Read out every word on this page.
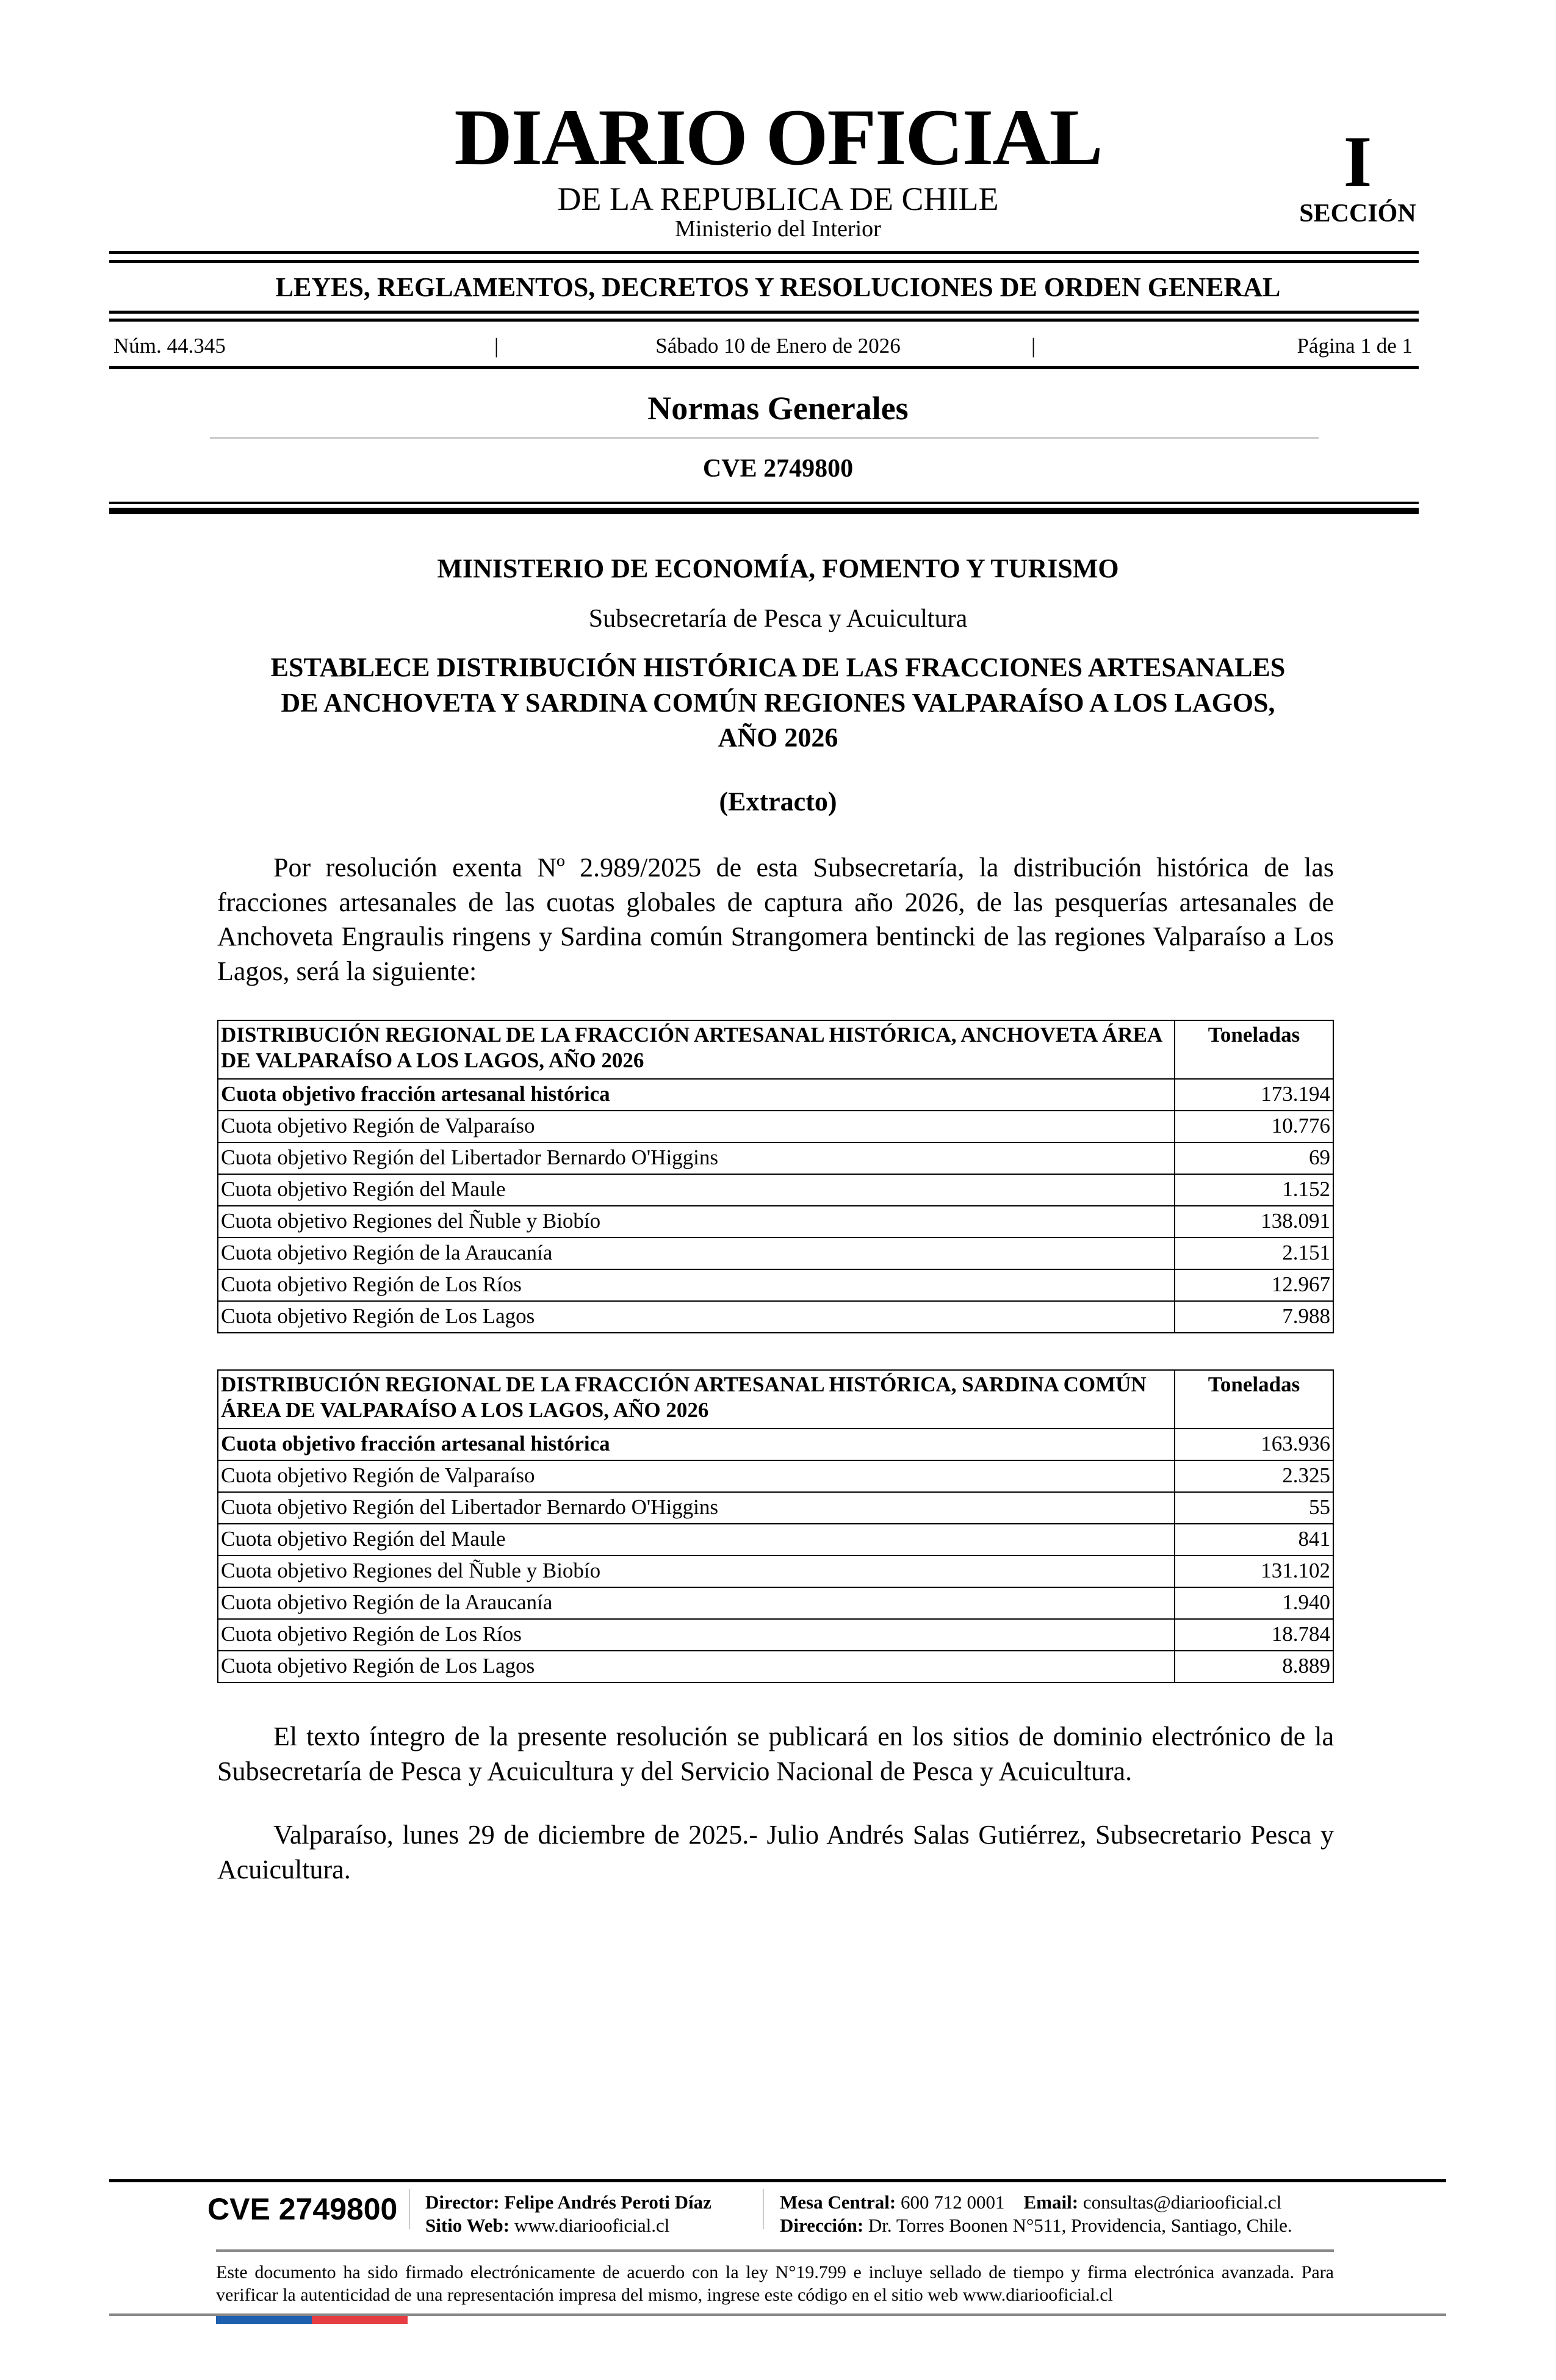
DIARIO OFICIAL
DE LA REPUBLICA DE CHILE
Ministerio del Interior
I
SECCIÓN
LEYES, REGLAMENTOS, DECRETOS Y RESOLUCIONES DE ORDEN GENERAL
Núm. 44.345	|	Sábado 10 de Enero de 2026	|	Página 1 de 1
Normas Generales
CVE 2749800
MINISTERIO DE ECONOMÍA, FOMENTO Y TURISMO
Subsecretaría de Pesca y Acuicultura
ESTABLECE DISTRIBUCIÓN HISTÓRICA DE LAS FRACCIONES ARTESANALES
DE ANCHOVETA Y SARDINA COMÚN REGIONES VALPARAÍSO A LOS LAGOS,
AÑO 2026
(Extracto)
Por resolución exenta Nº 2.989/2025 de esta Subsecretaría, la distribución histórica de las fracciones artesanales de las cuotas globales de captura año 2026, de las pesquerías artesanales de Anchoveta Engraulis ringens y Sardina común Strangomera bentincki de las regiones Valparaíso a Los Lagos, será la siguiente:
DISTRIBUCIÓN REGIONAL DE LA FRACCIÓN ARTESANAL HISTÓRICA, ANCHOVETA ÁREA DE VALPARAÍSO A LOS LAGOS, AÑO 2026	Toneladas
Cuota objetivo fracción artesanal histórica	173.194
Cuota objetivo Región de Valparaíso	10.776
Cuota objetivo Región del Libertador Bernardo O'Higgins	69
Cuota objetivo Región del Maule	1.152
Cuota objetivo Regiones del Ñuble y Biobío	138.091
Cuota objetivo Región de la Araucanía	2.151
Cuota objetivo Región de Los Ríos	12.967
Cuota objetivo Región de Los Lagos	7.988
DISTRIBUCIÓN REGIONAL DE LA FRACCIÓN ARTESANAL HISTÓRICA, SARDINA COMÚN ÁREA DE VALPARAÍSO A LOS LAGOS, AÑO 2026	Toneladas
Cuota objetivo fracción artesanal histórica	163.936
Cuota objetivo Región de Valparaíso	2.325
Cuota objetivo Región del Libertador Bernardo O'Higgins	55
Cuota objetivo Región del Maule	841
Cuota objetivo Regiones del Ñuble y Biobío	131.102
Cuota objetivo Región de la Araucanía	1.940
Cuota objetivo Región de Los Ríos	18.784
Cuota objetivo Región de Los Lagos	8.889
El texto íntegro de la presente resolución se publicará en los sitios de dominio electrónico de la Subsecretaría de Pesca y Acuicultura y del Servicio Nacional de Pesca y Acuicultura.
Valparaíso, lunes 29 de diciembre de 2025.- Julio Andrés Salas Gutiérrez, Subsecretario Pesca y Acuicultura.
CVE 2749800 Director: Felipe Andrés Peroti Díaz
Sitio Web: www.diariooficial.cl
Mesa Central: 600 712 0001 Email: consultas@diariooficial.cl
Dirección: Dr. Torres Boonen N°511, Providencia, Santiago, Chile.
Este documento ha sido firmado electrónicamente de acuerdo con la ley N°19.799 e incluye sellado de tiempo y firma electrónica avanzada. Para verificar la autenticidad de una representación impresa del mismo, ingrese este código en el sitio web www.diariooficial.cl
